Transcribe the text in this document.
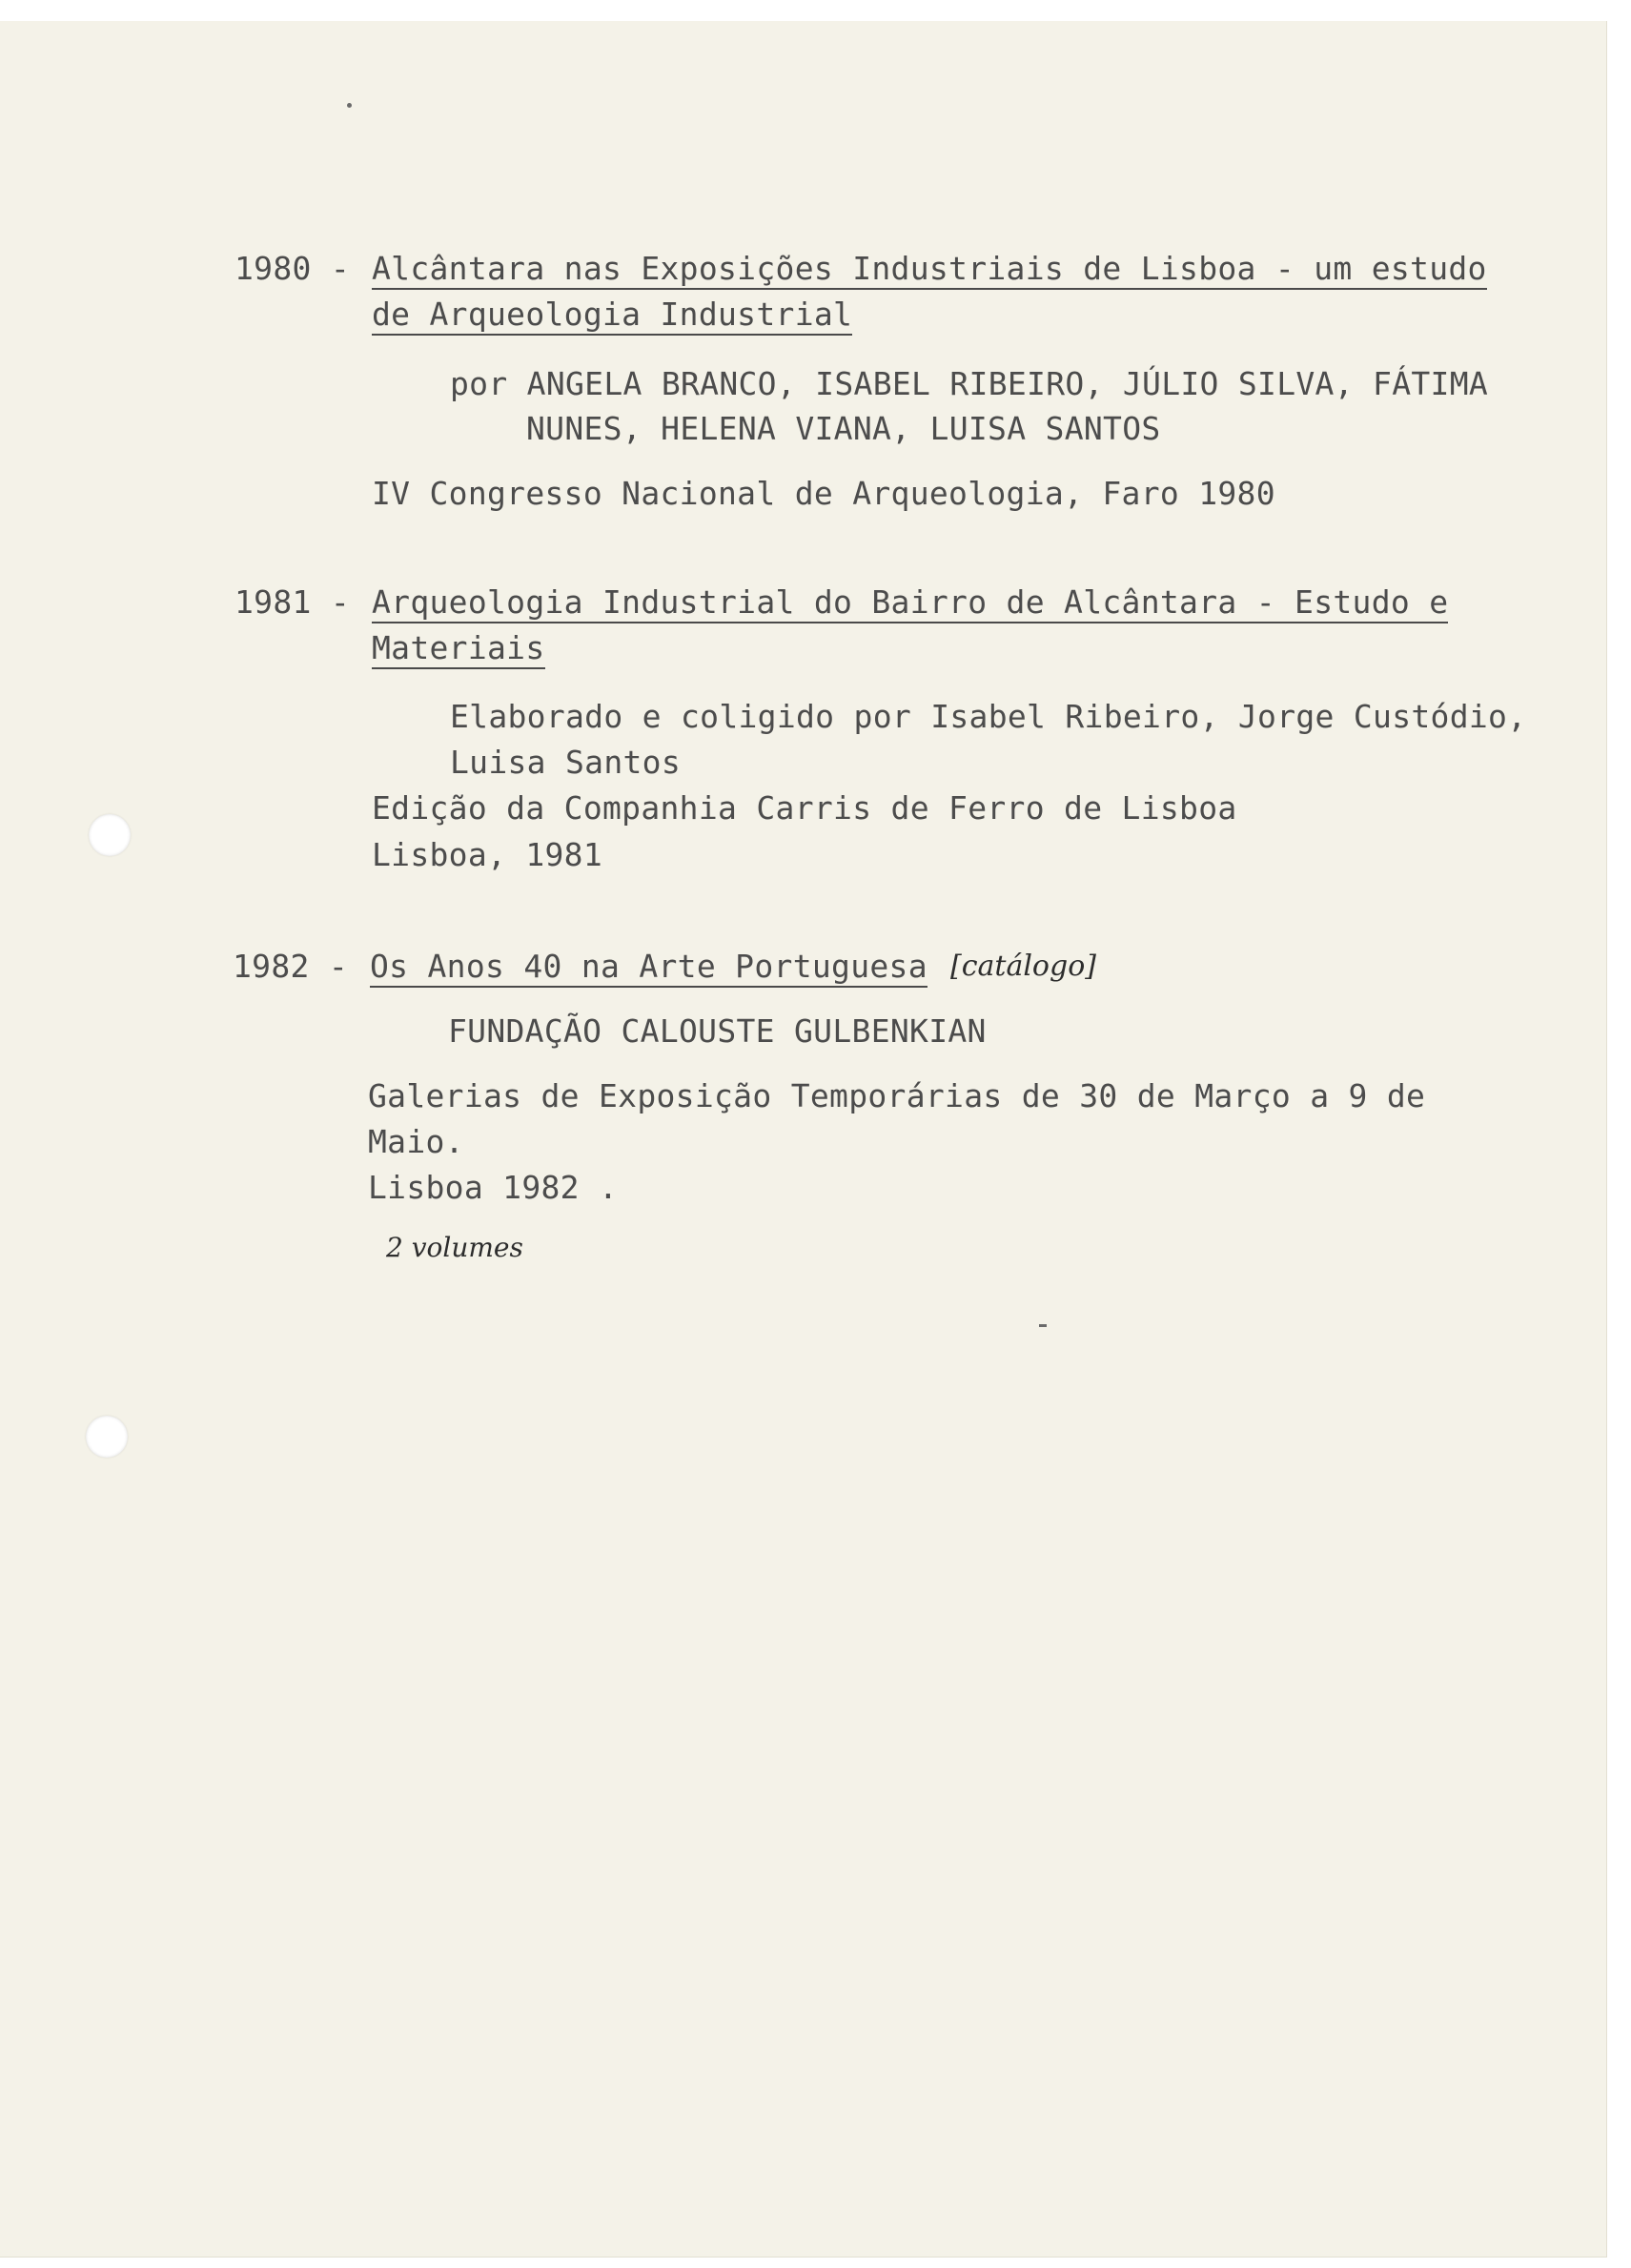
1980 - Alcântara nas Exposições Industriais de Lisboa - um estudo
de Arqueologia Industrial
por ANGELA BRANCO, ISABEL RIBEIRO, JÚLIO SILVA, FÁTIMA
NUNES, HELENA VIANA, LUISA SANTOS
IV Congresso Nacional de Arqueologia, Faro 1980
1981 - Arqueologia Industrial do Bairro de Alcântara - Estudo e
Materiais
Elaborado e coligido por Isabel Ribeiro, Jorge Custódio,
Luisa Santos
Edição da Companhia Carris de Ferro de Lisboa
Lisboa, 1981
1982 - Os Anos 40 na Arte Portuguesa [catálogo]
FUNDAÇÃO CALOUSTE GULBENKIAN
Galerias de Exposição Temporárias de 30 de Março a 9 de
Maio.
Lisboa 1982 .
2 volumes
